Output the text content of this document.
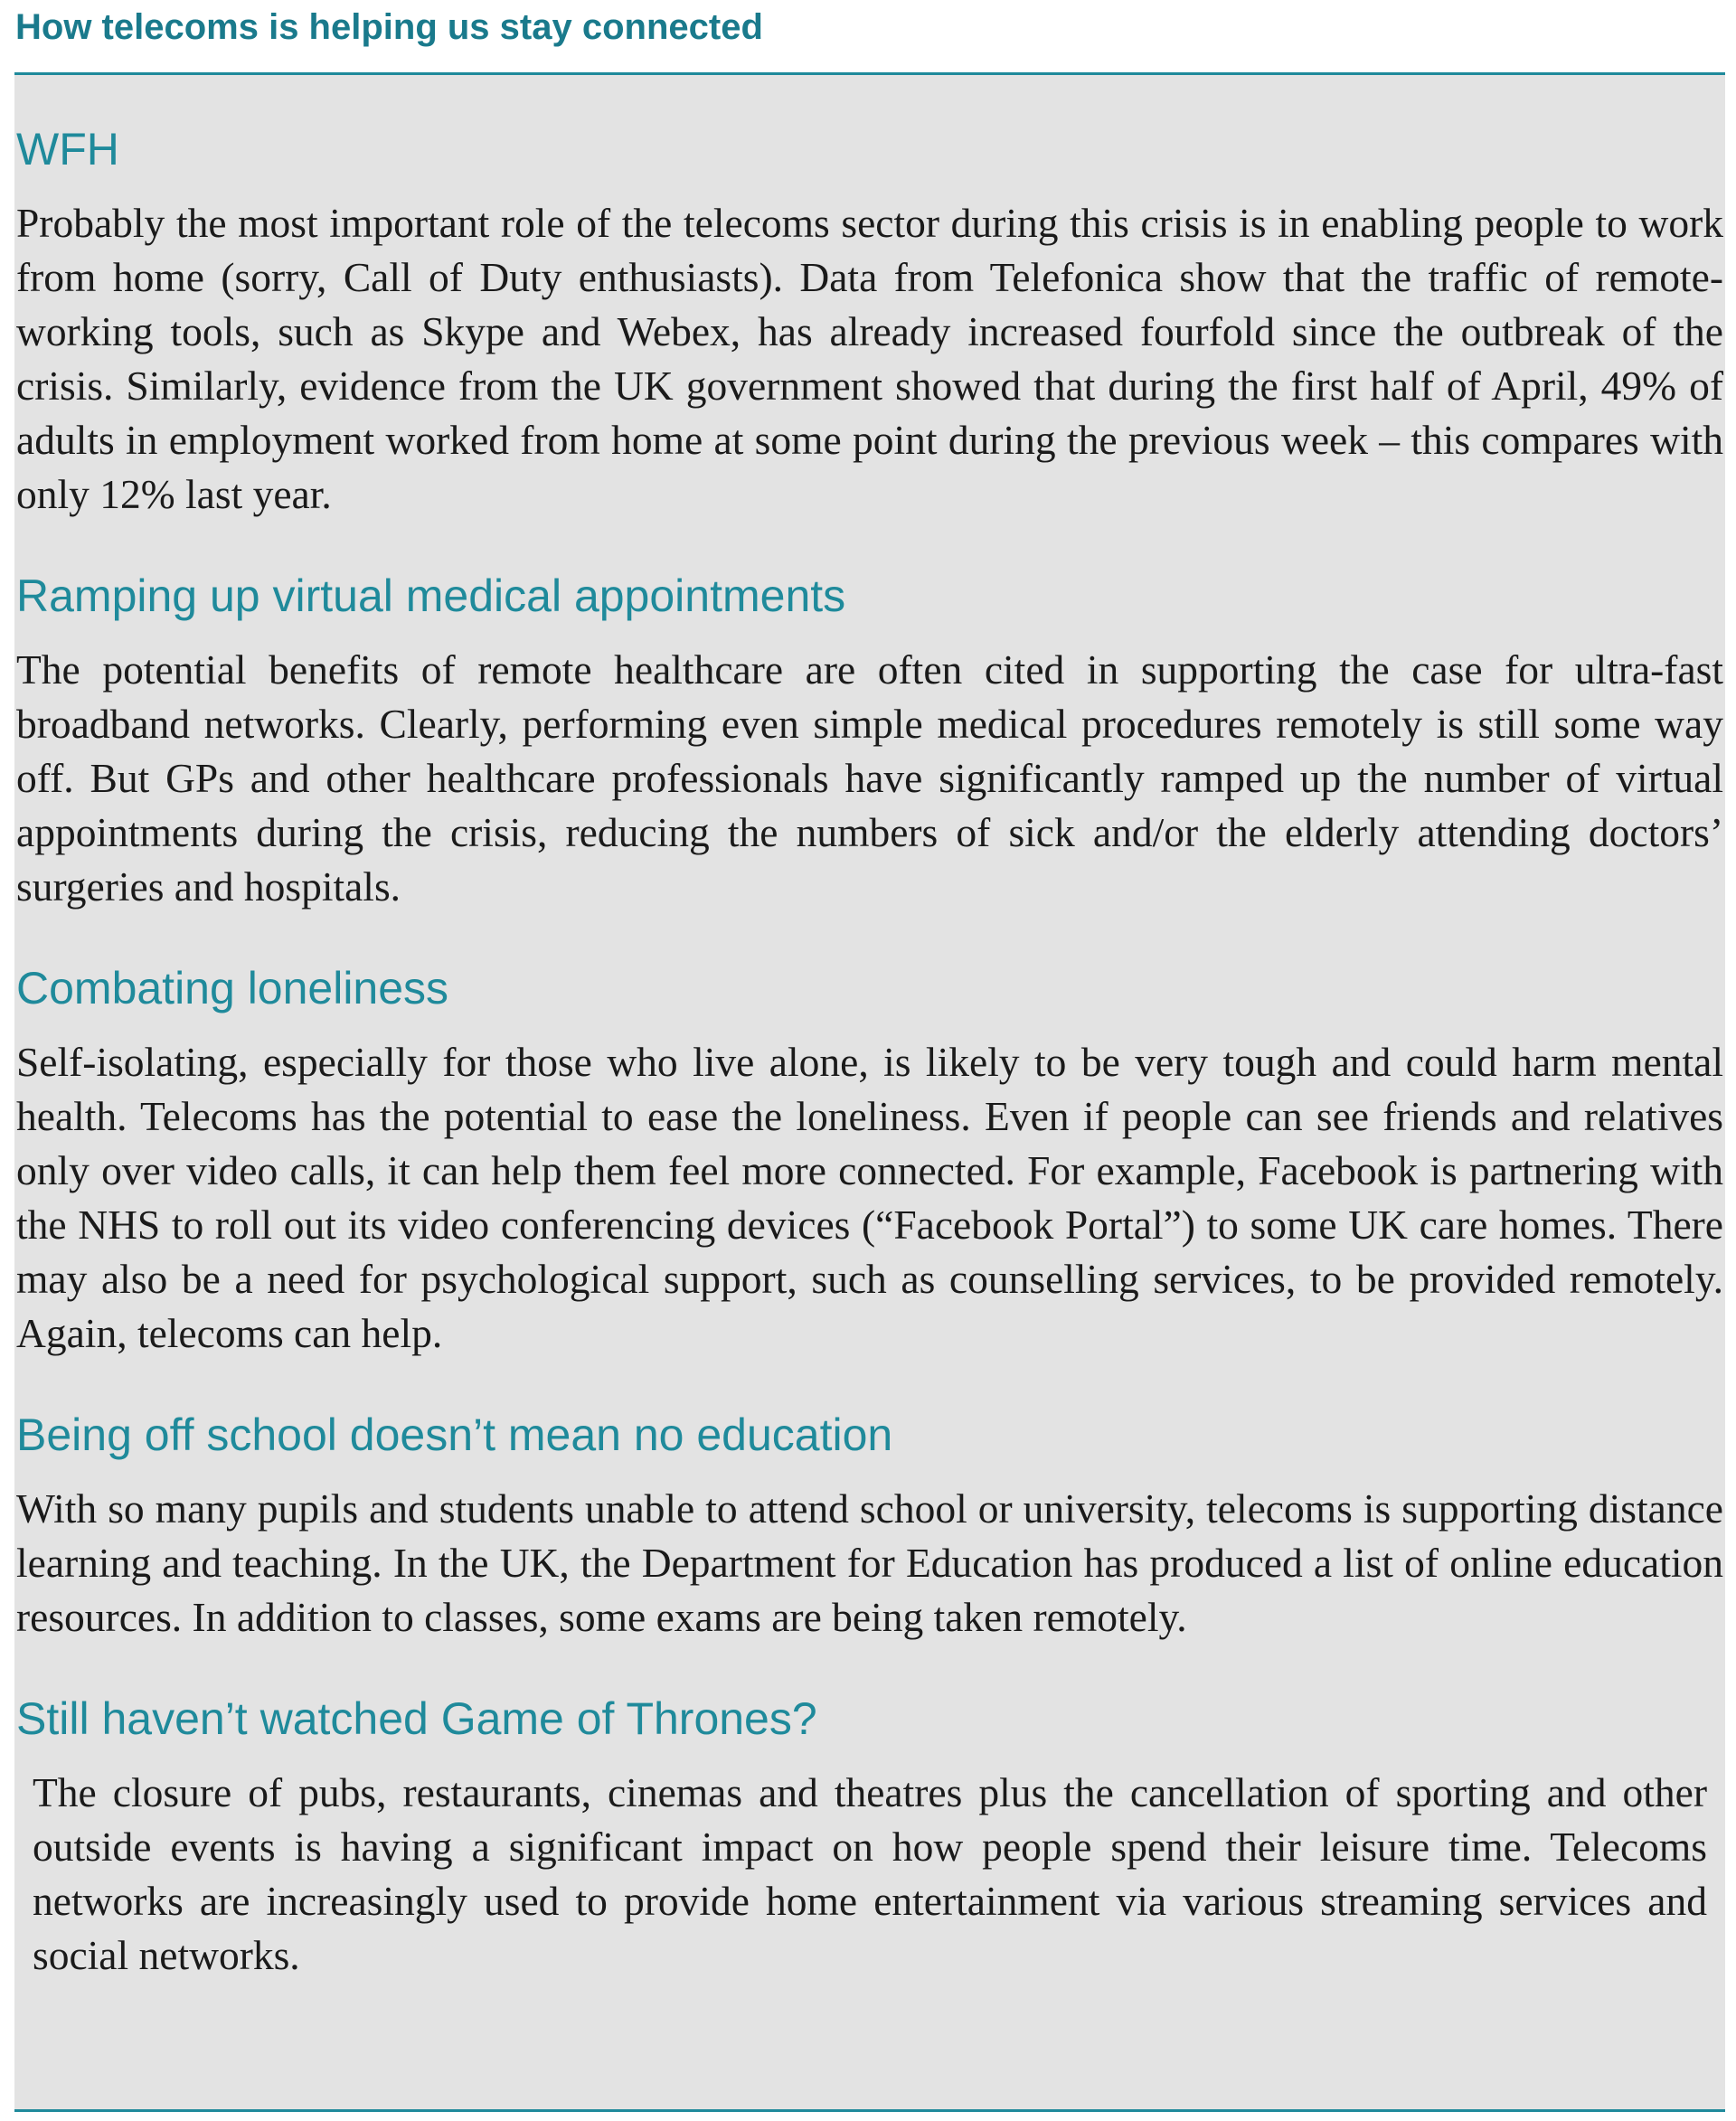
How telecoms is helping us stay connected
WFH

Probably the most important role of the telecoms sector during this crisis is in enabling people to work from home (sorry, Call of Duty enthusiasts). Data from Telefonica show that the traffic of remote-working tools, such as Skype and Webex, has already increased fourfold since the outbreak of the crisis. Similarly, evidence from the UK government showed that during the first half of April, 49% of adults in employment worked from home at some point during the previous week – this compares with only 12% last year.

Ramping up virtual medical appointments

The potential benefits of remote healthcare are often cited in supporting the case for ultra-fast broadband networks. Clearly, performing even simple medical procedures remotely is still some way off. But GPs and other healthcare professionals have significantly ramped up the number of virtual appointments during the crisis, reducing the numbers of sick and/or the elderly attending doctors’ surgeries and hospitals.

Combating loneliness

Self-isolating, especially for those who live alone, is likely to be very tough and could harm mental health. Telecoms has the potential to ease the loneliness. Even if people can see friends and relatives only over video calls, it can help them feel more connected. For example, Facebook is partnering with the NHS to roll out its video conferencing devices (“Facebook Portal”) to some UK care homes. There may also be a need for psychological support, such as counselling services, to be provided remotely. Again, telecoms can help.

Being off school doesn’t mean no education

With so many pupils and students unable to attend school or university, telecoms is supporting distance learning and teaching. In the UK, the Department for Education has produced a list of online education resources. In addition to classes, some exams are being taken remotely.

Still haven’t watched Game of Thrones?

The closure of pubs, restaurants, cinemas and theatres plus the cancellation of sporting and other outside events is having a significant impact on how people spend their leisure time. Telecoms networks are increasingly used to provide home entertainment via various streaming services and social networks.
